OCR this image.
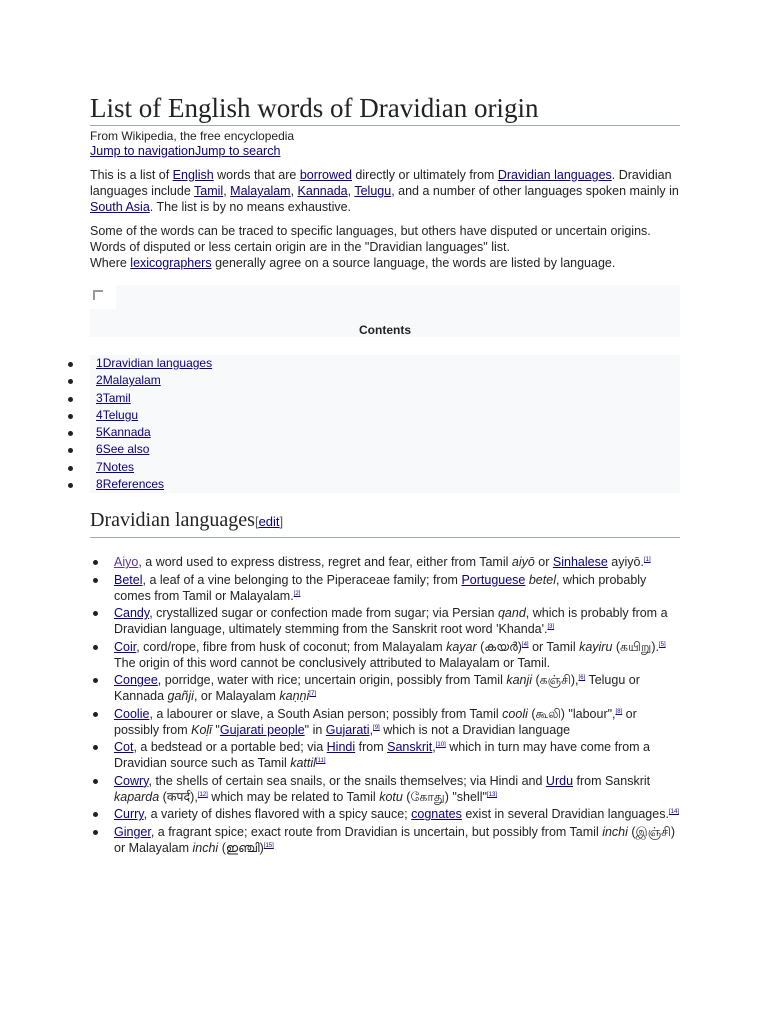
List of English words of Dravidian origin
From Wikipedia, the free encyclopedia
Jump to navigationJump to search

This is a list of English words that are borrowed directly or ultimately from Dravidian languages. Dravidian languages include Tamil, Malayalam, Kannada, Telugu, and a number of other languages spoken mainly in South Asia. The list is by no means exhaustive.

Some of the words can be traced to specific languages, but others have disputed or uncertain origins. Words of disputed or less certain origin are in the "Dravidian languages" list.
Where lexicographers generally agree on a source language, the words are listed by language.

Contents
1Dravidian languages
2Malayalam
3Tamil
4Telugu
5Kannada
6See also
7Notes
8References
Dravidian languages[edit]
Aiyo, a word used to express distress, regret and fear, either from Tamil aiyō or Sinhalese ayiyō.[1]
Betel, a leaf of a vine belonging to the Piperaceae family; from Portuguese betel, which probably comes from Tamil or Malayalam.[2]
Candy, crystallized sugar or confection made from sugar; via Persian qand, which is probably from a Dravidian language, ultimately stemming from the Sanskrit root word 'Khanda'.[3]
Coir, cord/rope, fibre from husk of coconut; from Malayalam kayar (കയർ)[4] or Tamil kayiru (கயிறு).[5] The origin of this word cannot be conclusively attributed to Malayalam or Tamil.
Congee, porridge, water with rice; uncertain origin, possibly from Tamil kanji (கஞ்சி),[6] Telugu or Kannada gañji, or Malayalam kaṇṇi[7]
Coolie, a labourer or slave, a South Asian person; possibly from Tamil cooli (கூலி) "labour",[8] or possibly from Koḷī "Gujarati people" in Gujarati,[9] which is not a Dravidian language
Cot, a bedstead or a portable bed; via Hindi from Sanskrit,[10] which in turn may have come from a Dravidian source such as Tamil kattil[11]
Cowry, the shells of certain sea snails, or the snails themselves; via Hindi and Urdu from Sanskrit kaparda (कपर्द),[12] which may be related to Tamil kotu (கோது) "shell"[13]
Curry, a variety of dishes flavored with a spicy sauce; cognates exist in several Dravidian languages.[14]
Ginger, a fragrant spice; exact route from Dravidian is uncertain, but possibly from Tamil inchi (இஞ்சி) or Malayalam inchi (ഇഞ്ചി)[15]
